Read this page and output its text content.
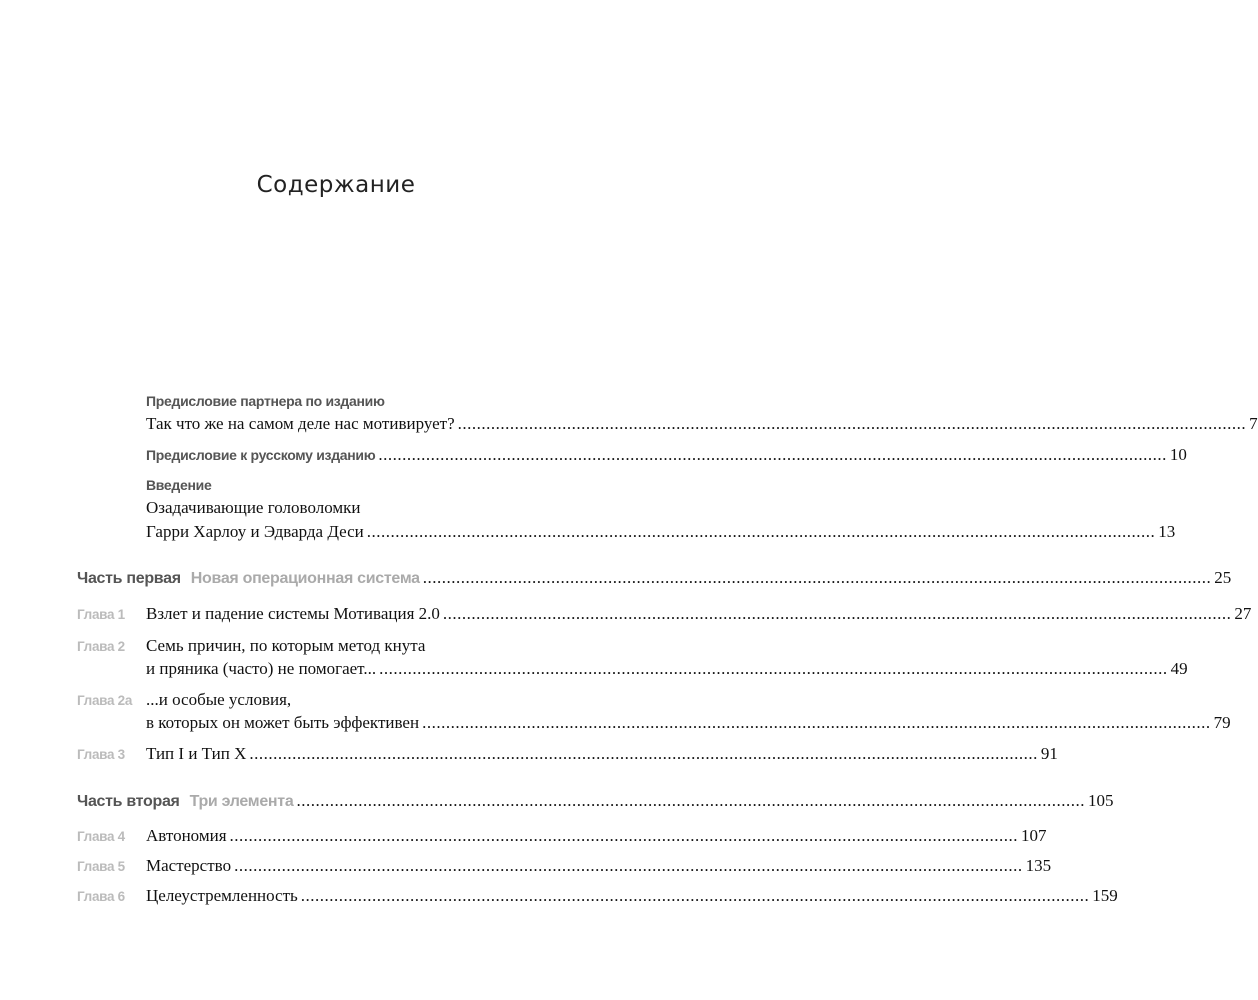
Содержание
Предисловие партнера по изданию
Так что же на самом деле нас мотивирует? ...................................................................................................................................................................... 7
Предисловие к русскому изданию ...................................................................................................................................................................... 10
Введение
Озадачивающие головоломки
Гарри Харлоу и Эдварда Деси ...................................................................................................................................................................... 13
Часть первая Новая операционная система ...................................................................................................................................................................... 25
Глава 1 Взлет и падение системы Мотивация 2.0 ...................................................................................................................................................................... 27
Глава 2 Семь причин, по которым метод кнута
и пряника (часто) не помогает... ...................................................................................................................................................................... 49
Глава 2а ...и особые условия,
в которых он может быть эффективен ...................................................................................................................................................................... 79
Глава 3 Тип I и Тип X ...................................................................................................................................................................... 91
Часть вторая Три элемента ...................................................................................................................................................................... 105
Глава 4 Автономия ...................................................................................................................................................................... 107
Глава 5 Мастерство ...................................................................................................................................................................... 135
Глава 6 Целеустремленность ...................................................................................................................................................................... 159
